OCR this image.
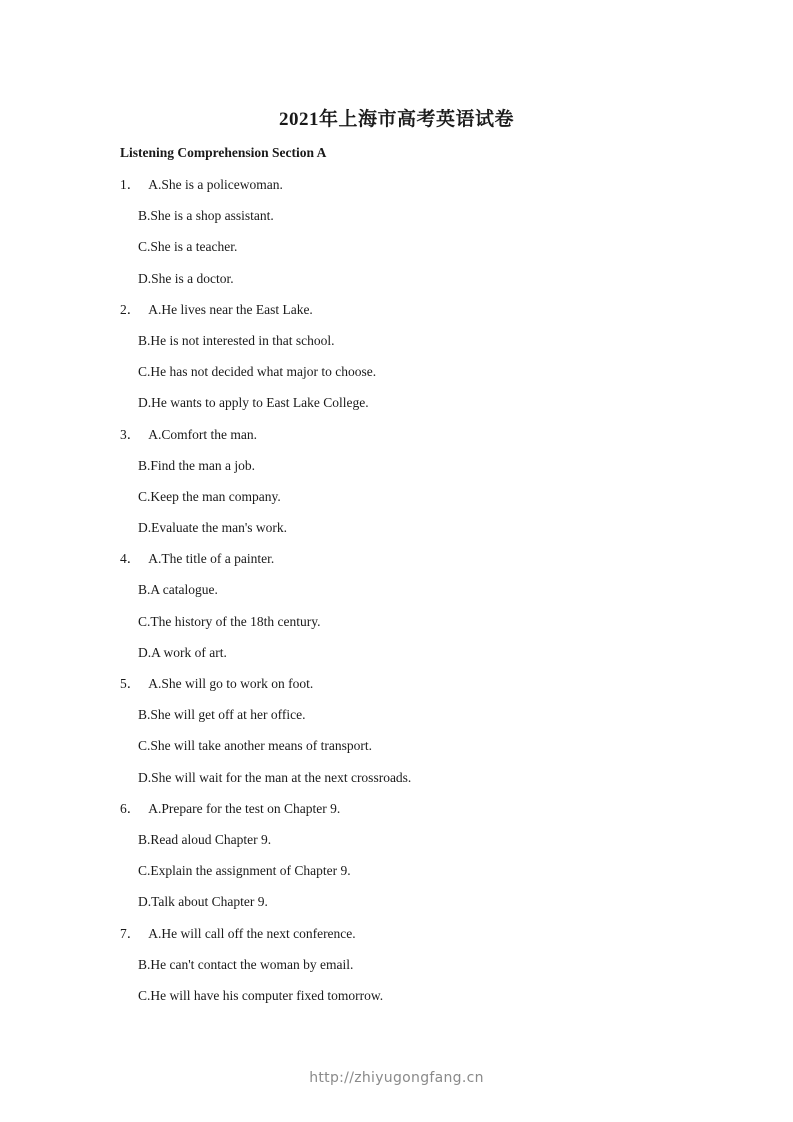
2021年上海市高考英语试卷
Listening Comprehension Section A
1． A.She is a policewoman.
B.She is a shop assistant.
C.She is a teacher.
D.She is a doctor.
2． A.He lives near the East Lake.
B.He is not interested in that school.
C.He has not decided what major to choose.
D.He wants to apply to East Lake College.
3． A.Comfort the man.
B.Find the man a job.
C.Keep the man company.
D.Evaluate the man's work.
4． A.The title of a painter.
B.A catalogue.
C.The history of the 18th century.
D.A work of art.
5． A.She will go to work on foot.
B.She will get off at her office.
C.She will take another means of transport.
D.She will wait for the man at the next crossroads.
6． A.Prepare for the test on Chapter 9.
B.Read aloud Chapter 9.
C.Explain the assignment of Chapter 9.
D.Talk about Chapter 9.
7． A.He will call off the next conference.
B.He can't contact the woman by email.
C.He will have his computer fixed tomorrow.
http://zhiyugongfang.cn
